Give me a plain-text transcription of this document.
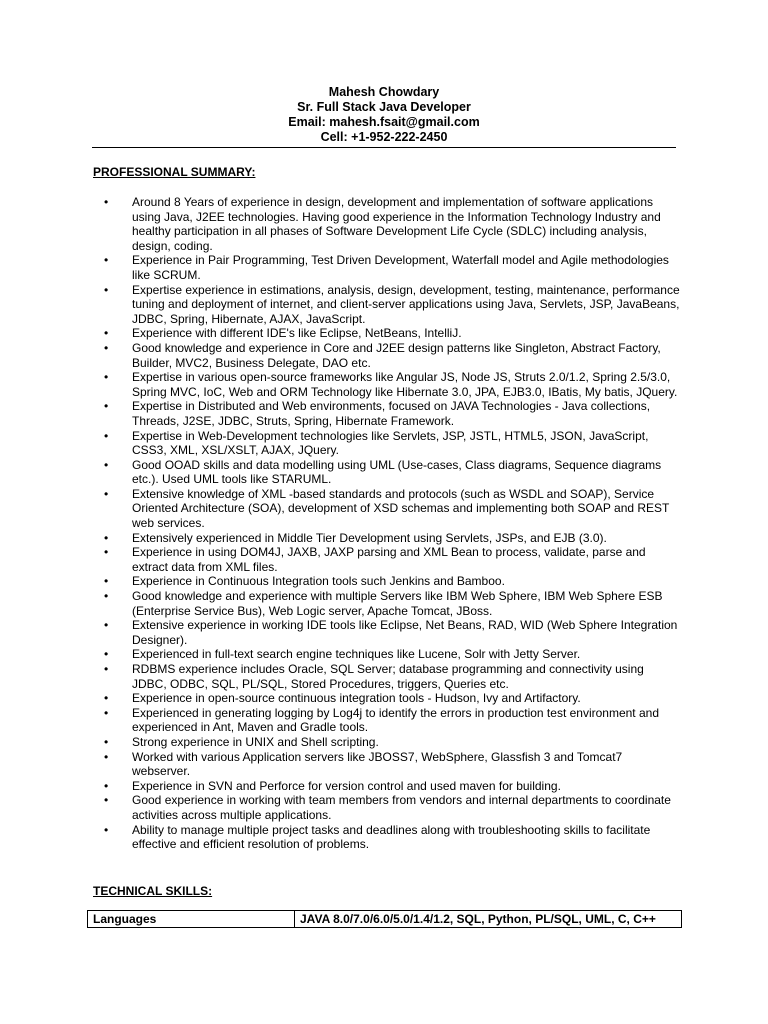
Mahesh Chowdary
Sr. Full Stack Java Developer
Email: mahesh.fsait@gmail.com
Cell: +1-952-222-2450
PROFESSIONAL SUMMARY:
• Around 8 Years of experience in design, development and implementation of software applications using Java, J2EE technologies. Having good experience in the Information Technology Industry and healthy participation in all phases of Software Development Life Cycle (SDLC) including analysis, design, coding.
• Experience in Pair Programming, Test Driven Development, Waterfall model and Agile methodologies like SCRUM.
• Expertise experience in estimations, analysis, design, development, testing, maintenance, performance tuning and deployment of internet, and client-server applications using Java, Servlets, JSP, JavaBeans, JDBC, Spring, Hibernate, AJAX, JavaScript.
• Experience with different IDE's like Eclipse, NetBeans, IntelliJ.
• Good knowledge and experience in Core and J2EE design patterns like Singleton, Abstract Factory, Builder, MVC2, Business Delegate, DAO etc.
• Expertise in various open-source frameworks like Angular JS, Node JS, Struts 2.0/1.2, Spring 2.5/3.0, Spring MVC, IoC, Web and ORM Technology like Hibernate 3.0, JPA, EJB3.0, IBatis, My batis, JQuery.
• Expertise in Distributed and Web environments, focused on JAVA Technologies - Java collections, Threads, J2SE, JDBC, Struts, Spring, Hibernate Framework.
• Expertise in Web-Development technologies like Servlets, JSP, JSTL, HTML5, JSON, JavaScript, CSS3, XML, XSL/XSLT, AJAX, JQuery.
• Good OOAD skills and data modelling using UML (Use-cases, Class diagrams, Sequence diagrams etc.). Used UML tools like STARUML.
• Extensive knowledge of XML -based standards and protocols (such as WSDL and SOAP), Service Oriented Architecture (SOA), development of XSD schemas and implementing both SOAP and REST web services.
• Extensively experienced in Middle Tier Development using Servlets, JSPs, and EJB (3.0).
• Experience in using DOM4J, JAXB, JAXP parsing and XML Bean to process, validate, parse and extract data from XML files.
• Experience in Continuous Integration tools such Jenkins and Bamboo.
• Good knowledge and experience with multiple Servers like IBM Web Sphere, IBM Web Sphere ESB (Enterprise Service Bus), Web Logic server, Apache Tomcat, JBoss.
• Extensive experience in working IDE tools like Eclipse, Net Beans, RAD, WID (Web Sphere Integration Designer).
• Experienced in full-text search engine techniques like Lucene, Solr with Jetty Server.
• RDBMS experience includes Oracle, SQL Server; database programming and connectivity using JDBC, ODBC, SQL, PL/SQL, Stored Procedures, triggers, Queries etc.
• Experience in open-source continuous integration tools - Hudson, Ivy and Artifactory.
• Experienced in generating logging by Log4j to identify the errors in production test environment and experienced in Ant, Maven and Gradle tools.
• Strong experience in UNIX and Shell scripting.
• Worked with various Application servers like JBOSS7, WebSphere, Glassfish 3 and Tomcat7 webserver.
• Experience in SVN and Perforce for version control and used maven for building.
• Good experience in working with team members from vendors and internal departments to coordinate activities across multiple applications.
• Ability to manage multiple project tasks and deadlines along with troubleshooting skills to facilitate effective and efficient resolution of problems.
TECHNICAL SKILLS:
Languages	JAVA 8.0/7.0/6.0/5.0/1.4/1.2, SQL, Python, PL/SQL, UML, C, C++
